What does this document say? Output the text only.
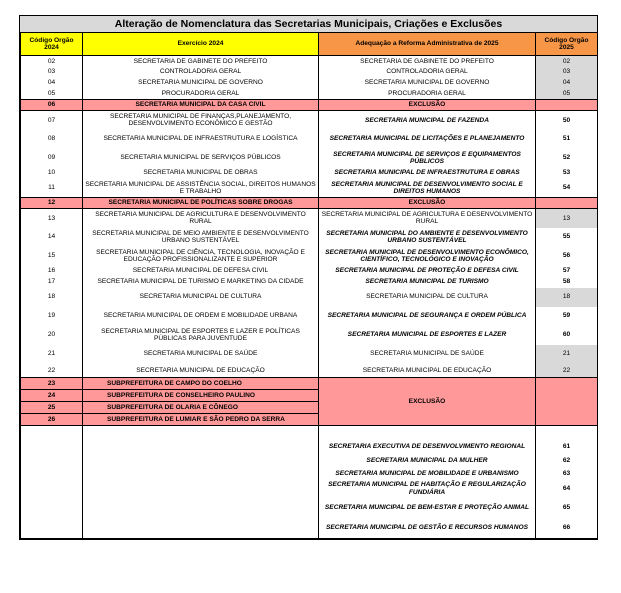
Alteração de Nomenclatura das Secretarias Municipais, Criações e Exclusões
Código Orgão 2024	Exercício 2024	Adequação a Reforma Administrativa de 2025	Código Orgão 2025
02	SECRETARIA DE GABINETE DO PREFEITO	SECRETARIA DE GABINETE DO PREFEITO	02
03	CONTROLADORIA GERAL	CONTROLADORIA GERAL	03
04	SECRETARIA MUNICIPAL DE GOVERNO	SECRETARIA MUNICIPAL DE GOVERNO	04
05	PROCURADORIA GERAL	PROCURADORIA GERAL	05
06	SECRETARIA MUNICIPAL DA CASA CIVIL	EXCLUSÃO	
07	SECRETARIA MUNICIPAL DE FINANÇAS,PLANEJAMENTO, DESENVOLVIMENTO ECONÔMICO E GESTÃO	SECRETARIA MUNICIPAL DE FAZENDA	50
08	SECRETARIA MUNICIPAL DE INFRAESTRUTURA E LOGÍSTICA	SECRETARIA MUNICIPAL DE LICITAÇÕES E PLANEJAMENTO	51
09	SECRETARIA MUNICIPAL DE SERVIÇOS PÚBLICOS	SECRETARIA MUNICIPAL DE SERVIÇOS E EQUIPAMENTOS PÚBLICOS	52
10	SECRETARIA MUNICIPAL DE OBRAS	SECRETARIA MUNICIPAL DE INFRAESTRUTURA E OBRAS	53
11	SECRETARIA MUNICIPAL DE ASSISTÊNCIA SOCIAL, DIREITOS HUMANOS E TRABALHO	SECRETARIA MUNICIPAL DE DESENVOLVIMENTO SOCIAL E DIREITOS HUMANOS	54
12	SECRETARIA MUNICIPAL DE POLÍTICAS SOBRE DROGAS	EXCLUSÃO	
13	SECRETARIA MUNICIPAL DE AGRICULTURA E DESENVOLVIMENTO RURAL	SECRETARIA MUNICIPAL DE AGRICULTURA E DESENVOLVIMENTO RURAL	13
14	SECRETARIA MUNICIPAL DE MEIO AMBIENTE E DESENVOLVIMENTO URBANO SUSTENTÁVEL	SECRETARIA MUNICIPAL DO AMBIENTE E DESENVOLVIMENTO URBANO SUSTENTÁVEL	55
15	SECRETARIA MUNICIPAL DE CIÊNCIA, TECNOLOGIA, INOVAÇÃO E EDUCAÇÃO PROFISSIONALIZANTE E SUPERIOR	SECRETARIA MUNICIPAL DE DESENVOLVIMENTO ECONÔMICO, CIENTÍFICO, TECNOLÓGICO E INOVAÇÃO	56
16	SECRETARIA MUNICIPAL DE DEFESA CIVIL	SECRETARIA MUNICIPAL DE PROTEÇÃO E DEFESA CIVIL	57
17	SECRETARIA MUNICIPAL DE TURISMO E MARKETING DA CIDADE	SECRETARIA MUNICIPAL DE TURISMO	58
18	SECRETARIA MUNICIPAL DE CULTURA	SECRETARIA MUNICIPAL DE CULTURA	18
19	SECRETARIA MUNICIPAL DE ORDEM E MOBILIDADE URBANA	SECRETARIA MUNICIPAL DE SEGURANÇA E ORDEM PÚBLICA	59
20	SECRETARIA MUNICIPAL DE ESPORTES E LAZER E POLÍTICAS PÚBLICAS PARA JUVENTUDE	SECRETARIA MUNICIPAL DE ESPORTES E LAZER	60
21	SECRETARIA MUNICIPAL DE SAÚDE	SECRETARIA MUNICIPAL DE SAÚDE	21
22	SECRETARIA MUNICIPAL DE EDUCAÇÃO	SECRETARIA MUNICIPAL DE EDUCAÇÃO	22
23	SUBPREFEITURA DE CAMPO DO COELHO	EXCLUSÃO	
24	SUBPREFEITURA DE CONSELHEIRO PAULINO		
25	SUBPREFEITURA DE OLARIA E CÔNEGO		
26	SUBPREFEITURA DE LUMIAR E SÃO PEDRO DA SERRA		

		SECRETARIA EXECUTIVA DE DESENVOLVIMENTO REGIONAL	61
		SECRETARIA MUNICIPAL DA MULHER	62
		SECRETARIA MUNICIPAL DE MOBILIDADE E URBANISMO	63
		SECRETARIA MUNICIPAL DE HABITAÇÃO E REGULARIZAÇÃO FUNDIÁRIA	64
		SECRETARIA MUNICIPAL DE BEM-ESTAR E PROTEÇÃO ANIMAL	65
		SECRETARIA MUNICIPAL DE GESTÃO E RECURSOS HUMANOS	66
